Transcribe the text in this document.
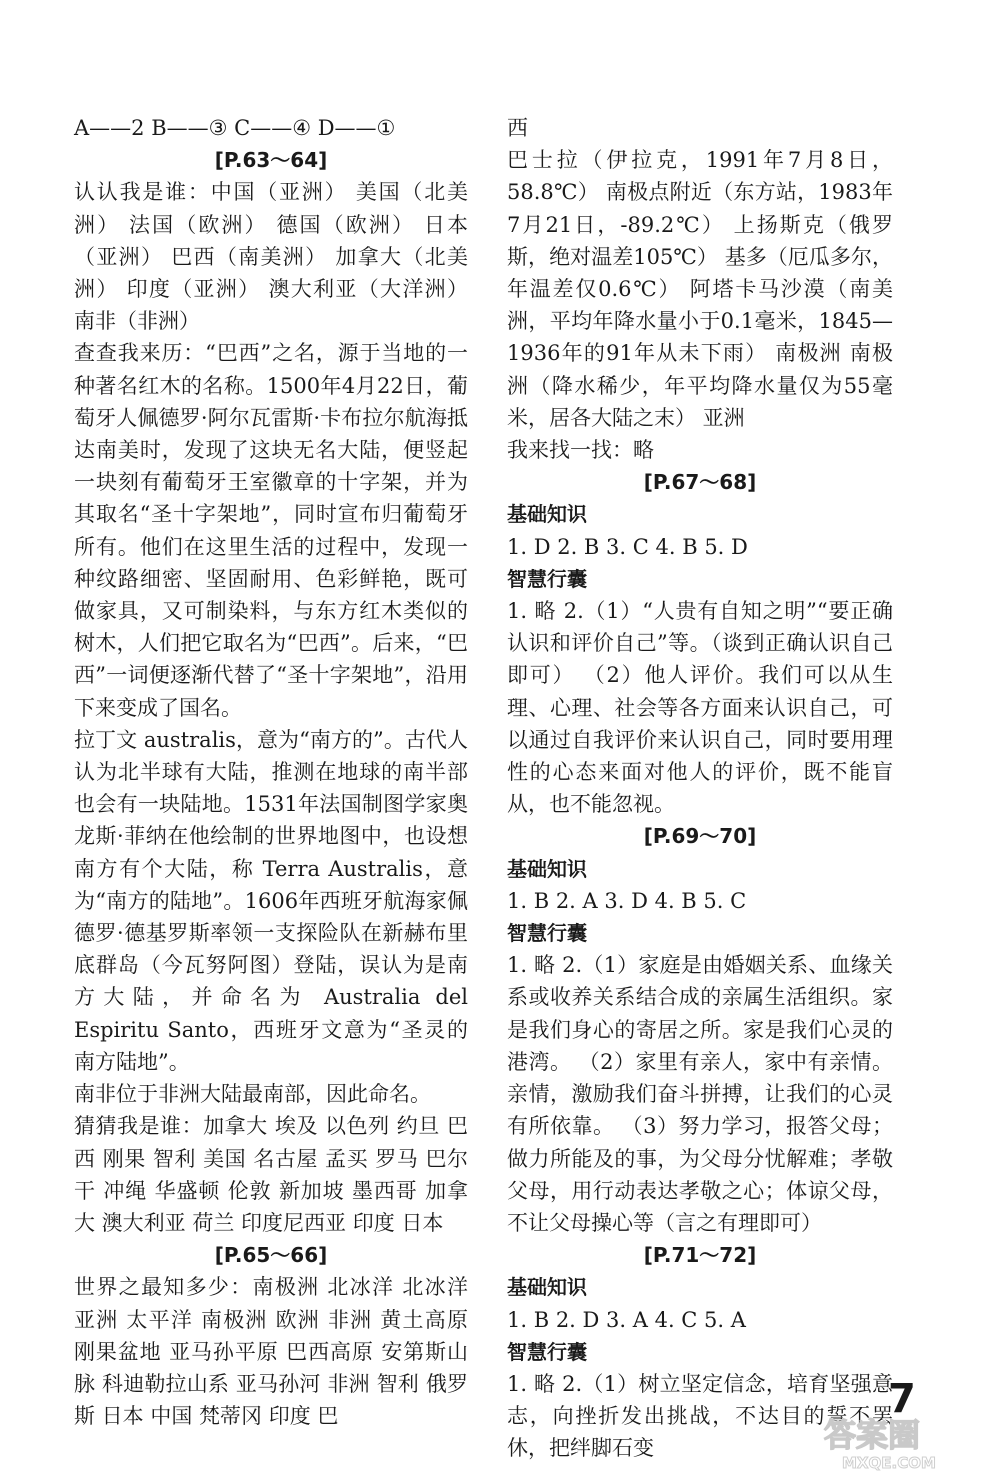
A——2 B——③ C——④ D——①

[P.63～64]

认认我是谁：中国（亚洲） 美国（北美洲） 法国（欧洲） 德国（欧洲） 日本（亚洲） 巴西（南美洲） 加拿大（北美洲） 印度（亚洲） 澳大利亚（大洋洲） 南非（非洲）

查查我来历：“巴西”之名，源于当地的一种著名红木的名称。1500年4月22日，葡萄牙人佩德罗·阿尔瓦雷斯·卡布拉尔航海抵达南美时，发现了这块无名大陆，便竖起一块刻有葡萄牙王室徽章的十字架，并为其取名“圣十字架地”，同时宣布归葡萄牙所有。他们在这里生活的过程中，发现一种纹路细密、坚固耐用、色彩鲜艳，既可做家具，又可制染料，与东方红木类似的树木，人们把它取名为“巴西”。后来，“巴西”一词便逐渐代替了“圣十字架地”，沿用下来变成了国名。

拉丁文 australis，意为“南方的”。古代人认为北半球有大陆，推测在地球的南半部也会有一块陆地。1531年法国制图学家奥龙斯·菲纳在他绘制的世界地图中，也设想南方有个大陆，称 Terra Australis，意为“南方的陆地”。1606年西班牙航海家佩德罗·德基罗斯率领一支探险队在新赫布里底群岛（今瓦努阿图）登陆，误认为是南方大陆，并命名为 Australia del Espiritu Santo，西班牙文意为“圣灵的南方陆地”。

南非位于非洲大陆最南部，因此命名。

猜猜我是谁：加拿大 埃及 以色列 约旦 巴西 刚果 智利 美国 名古屋 孟买 罗马 巴尔干 冲绳 华盛顿 伦敦 新加坡 墨西哥 加拿大 澳大利亚 荷兰 印度尼西亚 印度 日本

[P.65～66]

世界之最知多少：南极洲 北冰洋 北冰洋 亚洲 太平洋 南极洲 欧洲 非洲 黄土高原 刚果盆地 亚马孙平原 巴西高原 安第斯山脉 科迪勒拉山系 亚马孙河 非洲 智利 俄罗斯 日本 中国 梵蒂冈 印度 巴

西

巴士拉（伊拉克，1991年7月8日，58.8℃） 南极点附近（东方站，1983年7月21日，-89.2℃） 上扬斯克（俄罗斯，绝对温差105℃） 基多（厄瓜多尔，年温差仅0.6℃） 阿塔卡马沙漠（南美洲，平均年降水量小于0.1毫米，1845—1936年的91年从未下雨） 南极洲 南极洲（降水稀少，年平均降水量仅为55毫米，居各大陆之末） 亚洲

我来找一找：略

[P.67～68]
基础知识

1. D 2. B 3. C 4. B 5. D

智慧行囊

1. 略 2.（1）“人贵有自知之明”“要正确认识和评价自己”等。（谈到正确认识自己即可） （2）他人评价。我们可以从生理、心理、社会等各方面来认识自己，可以通过自我评价来认识自己，同时要用理性的心态来面对他人的评价，既不能盲从，也不能忽视。

[P.69～70]
基础知识

1. B 2. A 3. D 4. B 5. C

智慧行囊

1. 略 2.（1）家庭是由婚姻关系、血缘关系或收养关系结合成的亲属生活组织。家是我们身心的寄居之所。家是我们心灵的港湾。 （2）家里有亲人，家中有亲情。亲情，激励我们奋斗拼搏，让我们的心灵有所依靠。 （3）努力学习，报答父母；做力所能及的事，为父母分忧解难；孝敬父母，用行动表达孝敬之心；体谅父母，不让父母操心等（言之有理即可）

[P.71～72]
基础知识

1. B 2. D 3. A 4. C 5. A

智慧行囊

1. 略 2.（1）树立坚定信念，培育坚强意志，向挫折发出挑战，不达目的誓不罢休，把绊脚石变

7
答案圈
MXQE.COM
